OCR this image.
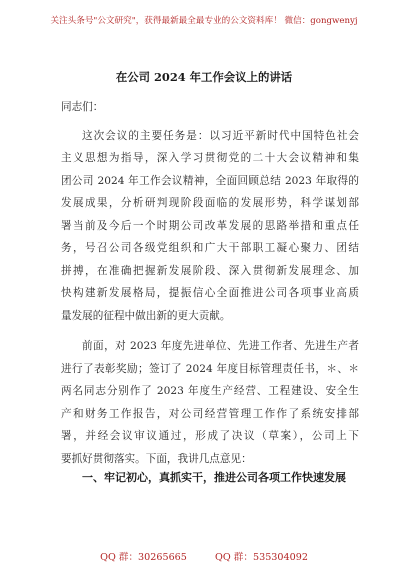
关注头条号"公文研究"，获得最新最全最专业的公文资料库！ 微信：gongwenyj
在公司 2024 年工作会议上的讲话
同志们：
这次会议的主要任务是：以习近平新时代中国特色社会
主义思想为指导，深入学习贯彻党的二十大会议精神和集
团公司 2024 年工作会议精神，全面回顾总结 2023 年取得的
发展成果，分析研判现阶段面临的发展形势，科学谋划部
署当前及今后一个时期公司改革发展的思路举措和重点任
务，号召公司各级党组织和广大干部职工凝心聚力、团结
拼搏，在准确把握新发展阶段、深入贯彻新发展理念、加
快构建新发展格局，提振信心全面推进公司各项事业高质
量发展的征程中做出新的更大贡献。
前面，对 2023 年度先进单位、先进工作者、先进生产者
进行了表彰奖励；签订了 2024 年度目标管理责任书，＊、＊
两名同志分别作了 2023 年度生产经营、工程建设、安全生
产和财务工作报告，对公司经营管理工作作了系统安排部
署，并经会议审议通过，形成了决议（草案），公司上下
要抓好贯彻落实。下面，我讲几点意见：
一、牢记初心，真抓实干，推进公司各项工作快速发展
QQ 群：30265665	QQ 群：535304092
